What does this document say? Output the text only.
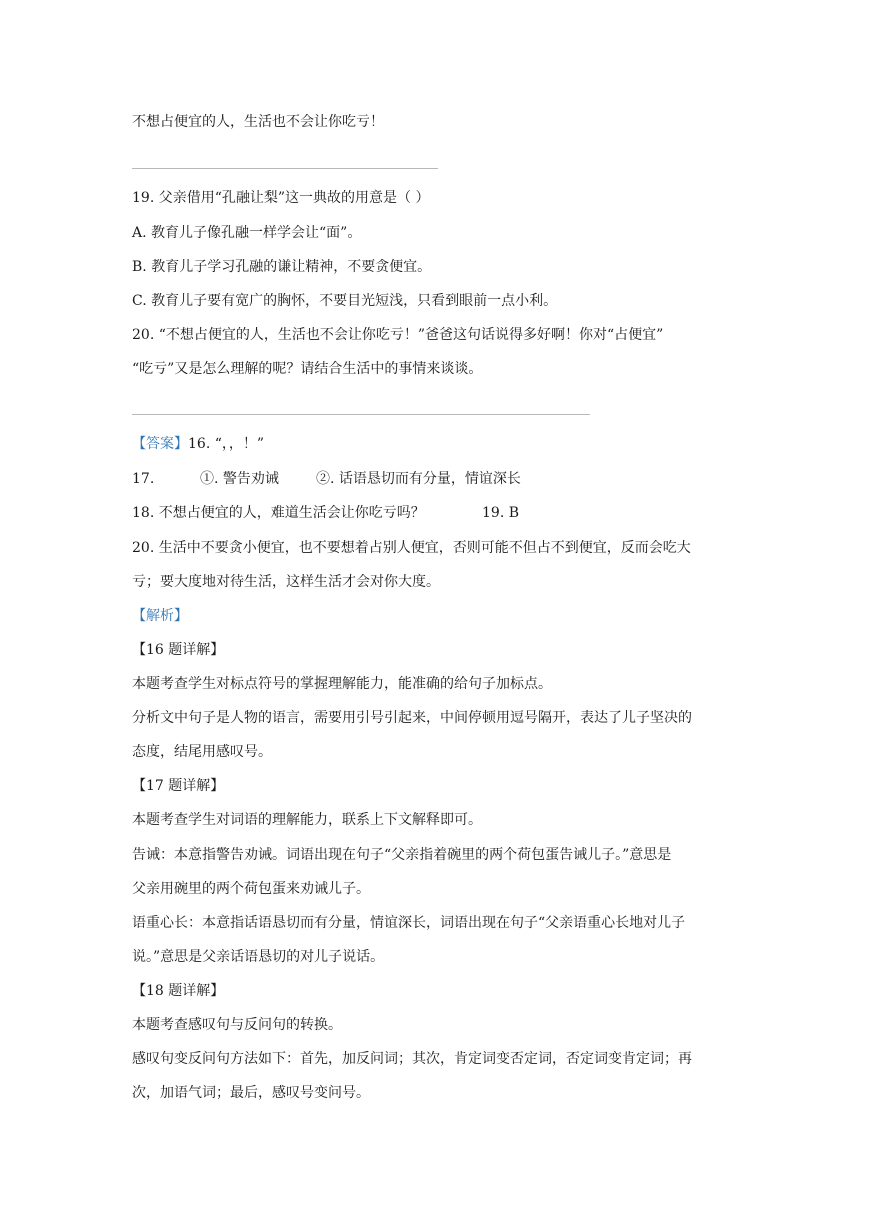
不想占便宜的人，生活也不会让你吃亏！
19. 父亲借用“孔融让梨”这一典故的用意是（ ）
A. 教育儿子像孔融一样学会让“面”。
B. 教育儿子学习孔融的谦让精神，不要贪便宜。
C. 教育儿子要有宽广的胸怀，不要目光短浅，只看到眼前一点小利。
20. “不想占便宜的人，生活也不会让你吃亏！”爸爸这句话说得多好啊！你对“占便宜”
“吃亏”又是怎么理解的呢？请结合生活中的事情来谈谈。
【答案】16. “，，！”
17.	①. 警告劝诫	②. 话语恳切而有分量，情谊深长
18. 不想占便宜的人，难道生活会让你吃亏吗？	19. B
20. 生活中不要贪小便宜，也不要想着占别人便宜，否则可能不但占不到便宜，反而会吃大
亏；要大度地对待生活，这样生活才会对你大度。
【解析】
【16 题详解】
本题考查学生对标点符号的掌握理解能力，能准确的给句子加标点。
分析文中句子是人物的语言，需要用引号引起来，中间停顿用逗号隔开，表达了儿子坚决的
态度，结尾用感叹号。
【17 题详解】
本题考查学生对词语的理解能力，联系上下文解释即可。
告诫：本意指警告劝诫。词语出现在句子“父亲指着碗里的两个荷包蛋告诫儿子。”意思是
父亲用碗里的两个荷包蛋来劝诫儿子。
语重心长：本意指话语恳切而有分量，情谊深长，词语出现在句子“父亲语重心长地对儿子
说。”意思是父亲话语恳切的对儿子说话。
【18 题详解】
本题考查感叹句与反问句的转换。
感叹句变反问句方法如下：首先，加反问词；其次，肯定词变否定词，否定词变肯定词；再
次，加语气词；最后，感叹号变问号。
